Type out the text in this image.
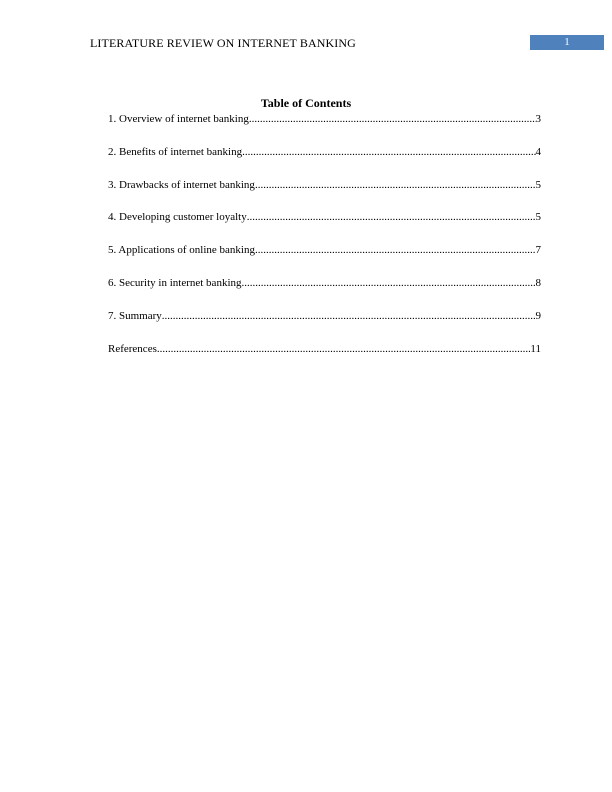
LITERATURE REVIEW ON INTERNET BANKING	1
Table of Contents
1. Overview of internet banking .....	3
2. Benefits of internet banking .....	4
3. Drawbacks of internet banking .....	5
4. Developing customer loyalty .....	5
5. Applications of online banking .....	7
6. Security in internet banking .....	8
7. Summary .....	9
References .....	11
